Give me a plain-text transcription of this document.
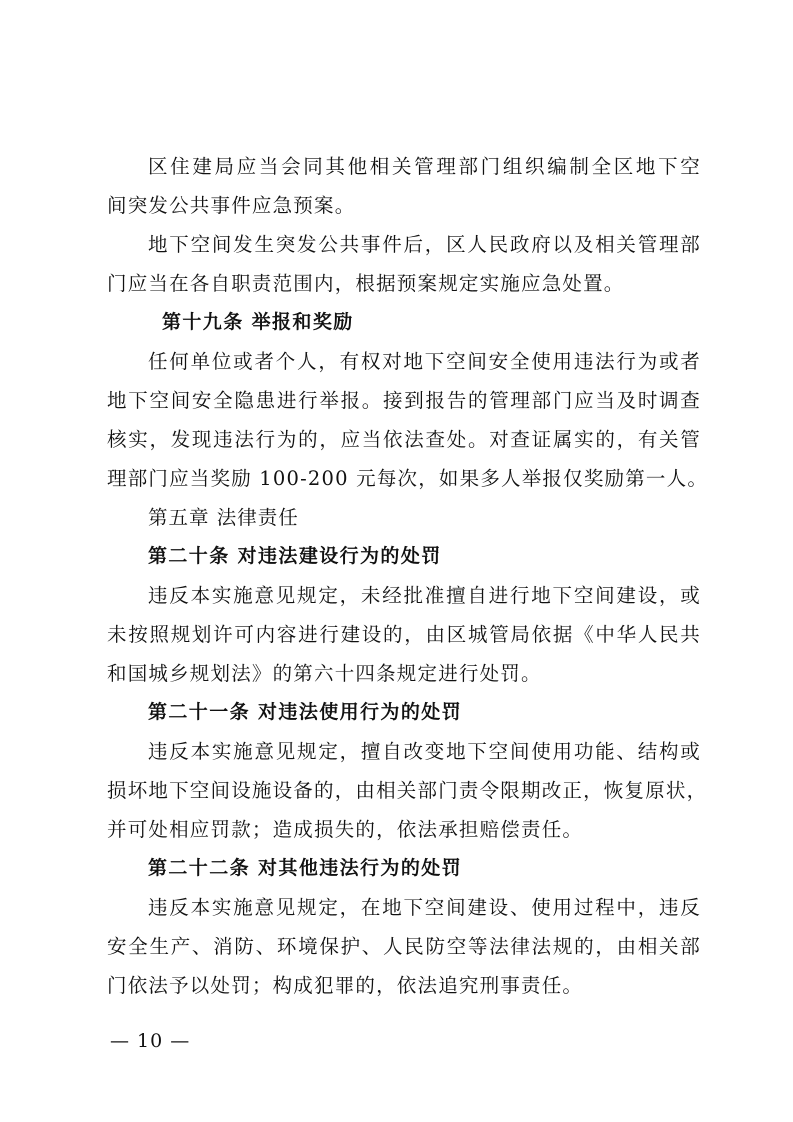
区住建局应当会同其他相关管理部门组织编制全区地下空
间突发公共事件应急预案。
地下空间发生突发公共事件后，区人民政府以及相关管理部
门应当在各自职责范围内，根据预案规定实施应急处置。
第十九条 举报和奖励
任何单位或者个人，有权对地下空间安全使用违法行为或者
地下空间安全隐患进行举报。接到报告的管理部门应当及时调查
核实，发现违法行为的，应当依法查处。对查证属实的，有关管
理部门应当奖励 100-200 元每次，如果多人举报仅奖励第一人。
第五章 法律责任
第二十条 对违法建设行为的处罚
违反本实施意见规定，未经批准擅自进行地下空间建设，或
未按照规划许可内容进行建设的，由区城管局依据《中华人民共
和国城乡规划法》的第六十四条规定进行处罚。
第二十一条 对违法使用行为的处罚
违反本实施意见规定，擅自改变地下空间使用功能、结构或
损坏地下空间设施设备的，由相关部门责令限期改正，恢复原状，
并可处相应罚款；造成损失的，依法承担赔偿责任。
第二十二条 对其他违法行为的处罚
违反本实施意见规定，在地下空间建设、使用过程中，违反
安全生产、消防、环境保护、人民防空等法律法规的，由相关部
门依法予以处罚；构成犯罪的，依法追究刑事责任。
— 10 —
